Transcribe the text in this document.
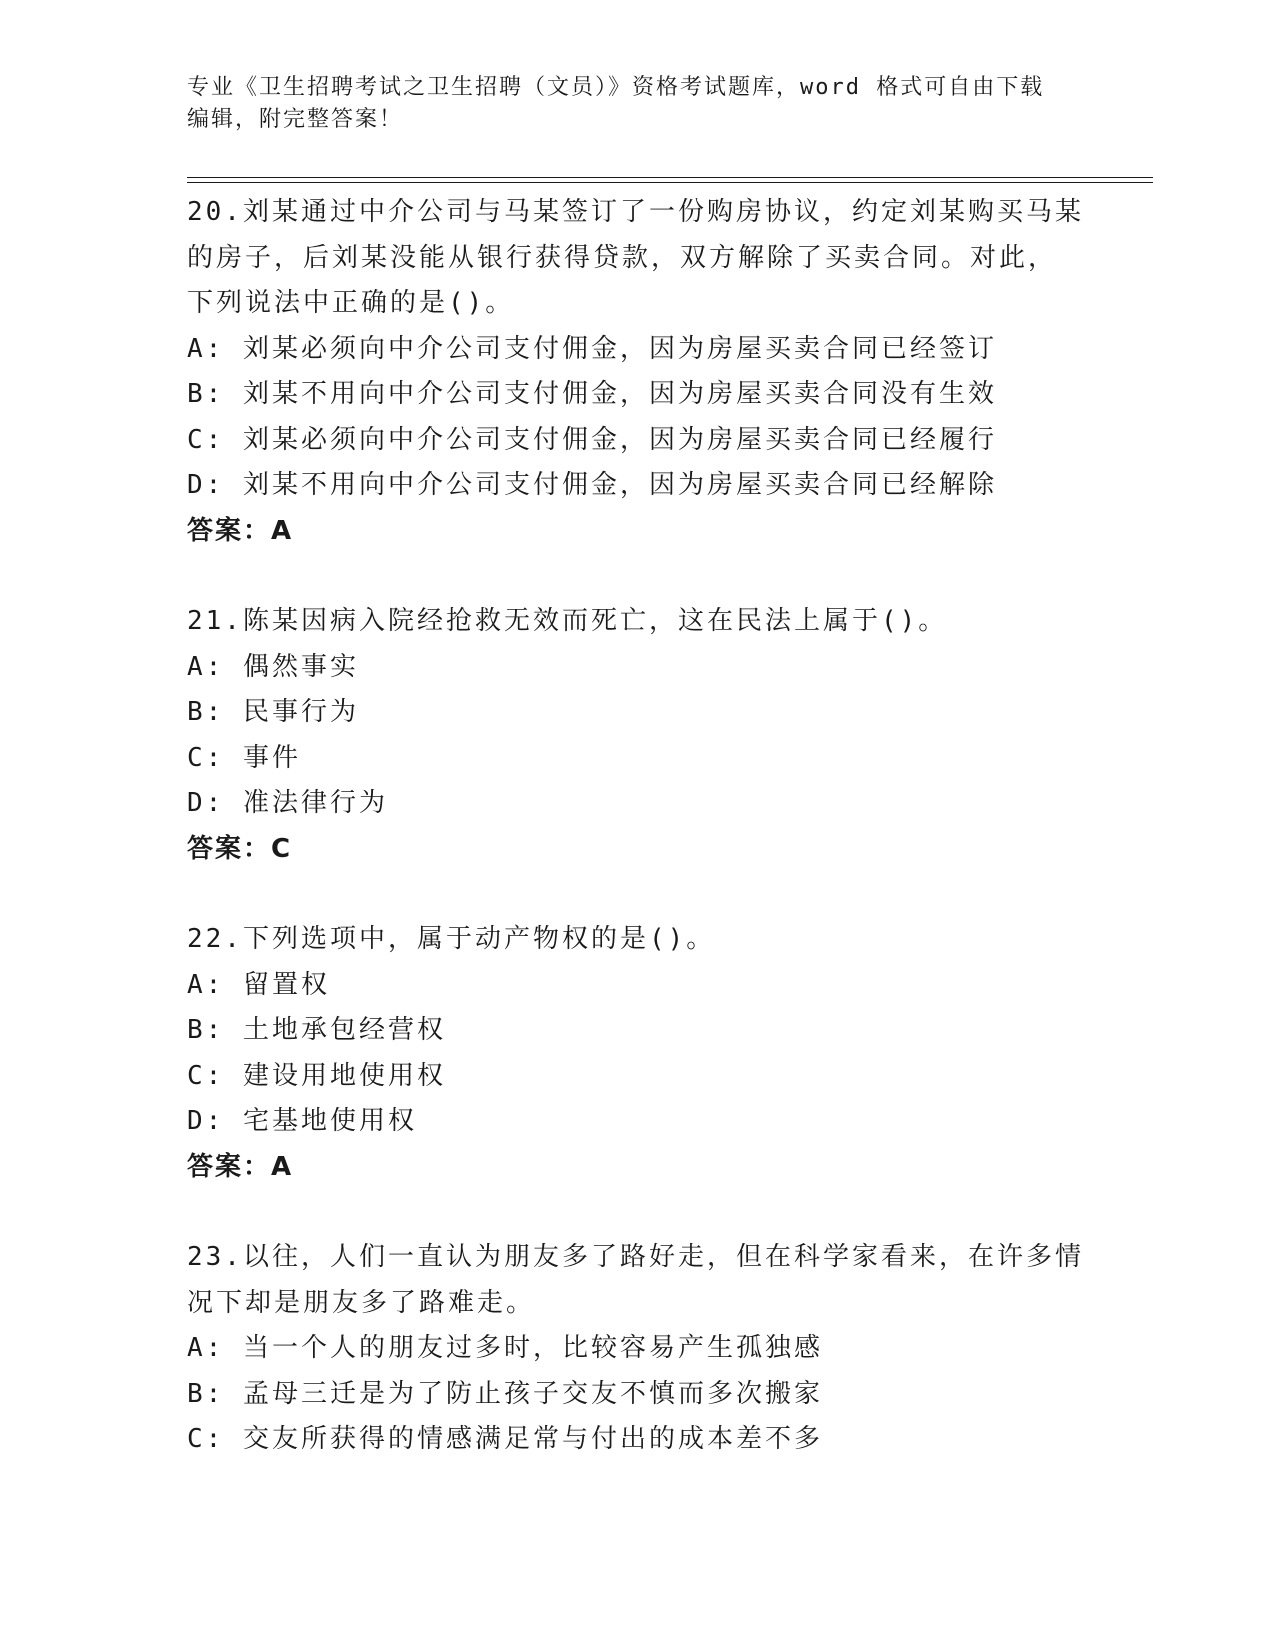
专业《卫生招聘考试之卫生招聘（文员）》资格考试题库，word 格式可自由下载
编辑，附完整答案！
20.刘某通过中介公司与马某签订了一份购房协议，约定刘某购买马某
的房子，后刘某没能从银行获得贷款，双方解除了买卖合同。对此，
下列说法中正确的是()。
A: 刘某必须向中介公司支付佣金，因为房屋买卖合同已经签订
B: 刘某不用向中介公司支付佣金，因为房屋买卖合同没有生效
C: 刘某必须向中介公司支付佣金，因为房屋买卖合同已经履行
D: 刘某不用向中介公司支付佣金，因为房屋买卖合同已经解除
答案：A
21.陈某因病入院经抢救无效而死亡，这在民法上属于()。
A: 偶然事实
B: 民事行为
C: 事件
D: 准法律行为
答案：C
22.下列选项中，属于动产物权的是()。
A: 留置权
B: 土地承包经营权
C: 建设用地使用权
D: 宅基地使用权
答案：A
23.以往，人们一直认为朋友多了路好走，但在科学家看来，在许多情
况下却是朋友多了路难走。
A: 当一个人的朋友过多时，比较容易产生孤独感
B: 孟母三迁是为了防止孩子交友不慎而多次搬家
C: 交友所获得的情感满足常与付出的成本差不多
